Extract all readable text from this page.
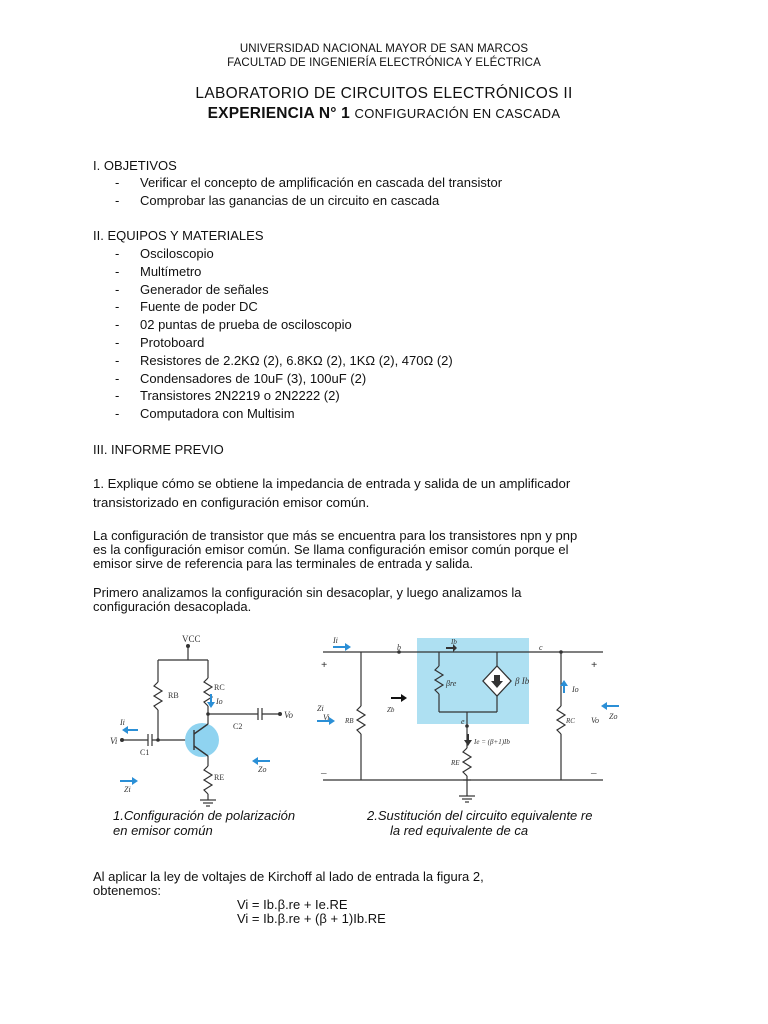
UNIVERSIDAD NACIONAL MAYOR DE SAN MARCOS
FACULTAD DE INGENIERÍA ELECTRÓNICA Y ELÉCTRICA
LABORATORIO DE CIRCUITOS ELECTRÓNICOS II
EXPERIENCIA N° 1 CONFIGURACIÓN EN CASCADA
I. OBJETIVOS
- Verificar el concepto de amplificación en cascada del transistor
- Comprobar las ganancias de un circuito en cascada
II. EQUIPOS Y MATERIALES
- Osciloscopio
- Multímetro
- Generador de señales
- Fuente de poder DC
- 02 puntas de prueba de osciloscopio
- Protoboard
- Resistores de 2.2KΩ (2), 6.8KΩ (2), 1KΩ (2), 470Ω (2)
- Condensadores de 10uF (3), 100uF (2)
- Transistores 2N2219 o 2N2222 (2)
- Computadora con Multisim
III. INFORME PREVIO

1. Explique cómo se obtiene la impedancia de entrada y salida de un amplificador transistorizado en configuración emisor común.

La configuración de transistor que más se encuentra para los transistores npn y pnp es la configuración emisor común. Se llama configuración emisor común porque el emisor sirve de referencia para las terminales de entrada y salida.

Primero analizamos la configuración sin desacoplar, y luego analizamos la configuración desacoplada.

VCC
RB
RC
RE
C1
C2
Vi
Vo
Ii
Io
Zi
Zo
Ii	Ib
βre	β Ib
Io
Zi	Zb
Zo
Vi	Vo
RB	RC
RE
Ie = (β+1)Ib
b	c
e
+	+
–	–
1.Configuración de polarización
en emisor común
2.Sustitución del circuito equivalente re
la red equivalente de ca
Al aplicar la ley de voltajes de Kirchoff al lado de entrada la figura 2,
obtenemos:
Vi = Ib.β.re + Ie.RE
Vi = Ib.β.re + (β + 1)Ib.RE
